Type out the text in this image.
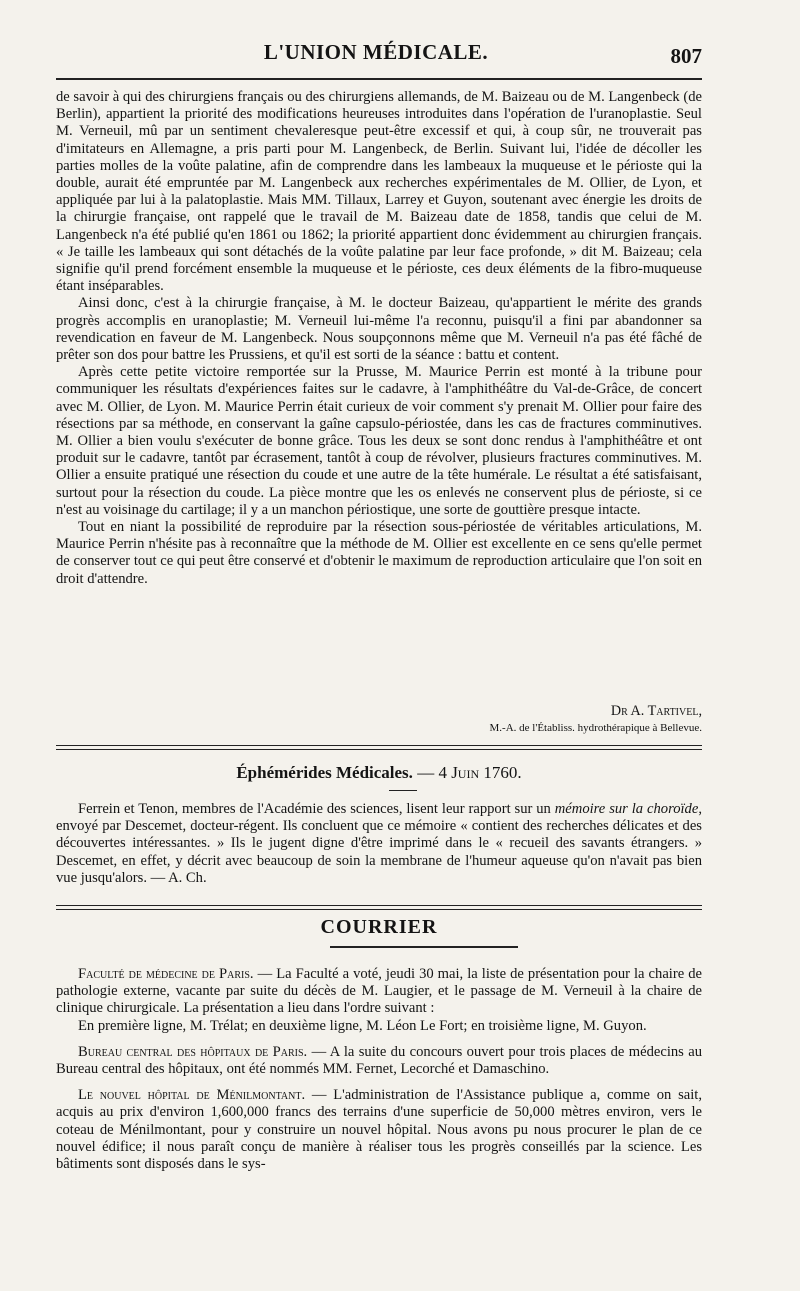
L'UNION MÉDICALE.	807

de savoir à qui des chirurgiens français ou des chirurgiens allemands, de M. Baizeau ou de M. Langenbeck (de Berlin), appartient la priorité des modifications heureuses introduites dans l'opération de l'uranoplastie. Seul M. Verneuil, mû par un sentiment chevaleresque peut-être excessif et qui, à coup sûr, ne trouverait pas d'imitateurs en Allemagne, a pris parti pour M. Langenbeck, de Berlin. Suivant lui, l'idée de décoller les parties molles de la voûte palatine, afin de comprendre dans les lambeaux la muqueuse et le périoste qui la double, aurait été empruntée par M. Langenbeck aux recherches expérimentales de M. Ollier, de Lyon, et appliquée par lui à la palatoplastie. Mais MM. Tillaux, Larrey et Guyon, soutenant avec énergie les droits de la chirurgie française, ont rappelé que le travail de M. Baizeau date de 1858, tandis que celui de M. Langenbeck n'a été publié qu'en 1861 ou 1862; la priorité appartient donc évidemment au chirurgien français. « Je taille les lambeaux qui sont détachés de la voûte palatine par leur face profonde, » dit M. Baizeau; cela signifie qu'il prend forcément ensemble la muqueuse et le périoste, ces deux éléments de la fibro-muqueuse étant inséparables.

Ainsi donc, c'est à la chirurgie française, à M. le docteur Baizeau, qu'appartient le mérite des grands progrès accomplis en uranoplastie; M. Verneuil lui-même l'a reconnu, puisqu'il a fini par abandonner sa revendication en faveur de M. Langenbeck. Nous soupçonnons même que M. Verneuil n'a pas été fâché de prêter son dos pour battre les Prussiens, et qu'il est sorti de la séance : battu et content.

Après cette petite victoire remportée sur la Prusse, M. Maurice Perrin est monté à la tribune pour communiquer les résultats d'expériences faites sur le cadavre, à l'amphithéâtre du Val-de-Grâce, de concert avec M. Ollier, de Lyon. M. Maurice Perrin était curieux de voir comment s'y prenait M. Ollier pour faire des résections par sa méthode, en conservant la gaîne capsulo-périostée, dans les cas de fractures comminutives. M. Ollier a bien voulu s'exécuter de bonne grâce. Tous les deux se sont donc rendus à l'amphithéâtre et ont produit sur le cadavre, tantôt par écrasement, tantôt à coup de révolver, plusieurs fractures comminutives. M. Ollier a ensuite pratiqué une résection du coude et une autre de la tête humérale. Le résultat a été satisfaisant, surtout pour la résection du coude. La pièce montre que les os enlevés ne conservent plus de périoste, si ce n'est au voisinage du cartilage; il y a un manchon périostique, une sorte de gouttière presque intacte.

Tout en niant la possibilité de reproduire par la résection sous-périostée de véritables articulations, M. Maurice Perrin n'hésite pas à reconnaître que la méthode de M. Ollier est excellente en ce sens qu'elle permet de conserver tout ce qui peut être conservé et d'obtenir le maximum de reproduction articulaire que l'on soit en droit d'attendre.

Dr A. Tartivel,
M.-A. de l'Établiss. hydrothérapique à Bellevue.
Éphémérides Médicales. — 4 Juin 1760.

Ferrein et Tenon, membres de l'Académie des sciences, lisent leur rapport sur un mémoire sur la choroïde, envoyé par Descemet, docteur-régent. Ils concluent que ce mémoire « contient des recherches délicates et des découvertes intéressantes. » Ils le jugent digne d'être imprimé dans le « recueil des savants étrangers. » Descemet, en effet, y décrit avec beaucoup de soin la membrane de l'humeur aqueuse qu'on n'avait pas bien vue jusqu'alors. — A. Ch.

COURRIER

Faculté de médecine de Paris. — La Faculté a voté, jeudi 30 mai, la liste de présentation pour la chaire de pathologie externe, vacante par suite du décès de M. Laugier, et le passage de M. Verneuil à la chaire de clinique chirurgicale. La présentation a lieu dans l'ordre suivant :

En première ligne, M. Trélat; en deuxième ligne, M. Léon Le Fort; en troisième ligne, M. Guyon.

Bureau central des hôpitaux de Paris. — A la suite du concours ouvert pour trois places de médecins au Bureau central des hôpitaux, ont été nommés MM. Fernet, Lecorché et Damaschino.

Le nouvel hôpital de Ménilmontant. — L'administration de l'Assistance publique a, comme on sait, acquis au prix d'environ 1,600,000 francs des terrains d'une superficie de 50,000 mètres environ, vers le coteau de Ménilmontant, pour y construire un nouvel hôpital. Nous avons pu nous procurer le plan de ce nouvel édifice; il nous paraît conçu de manière à réaliser tous les progrès conseillés par la science. Les bâtiments sont disposés dans le sys-
